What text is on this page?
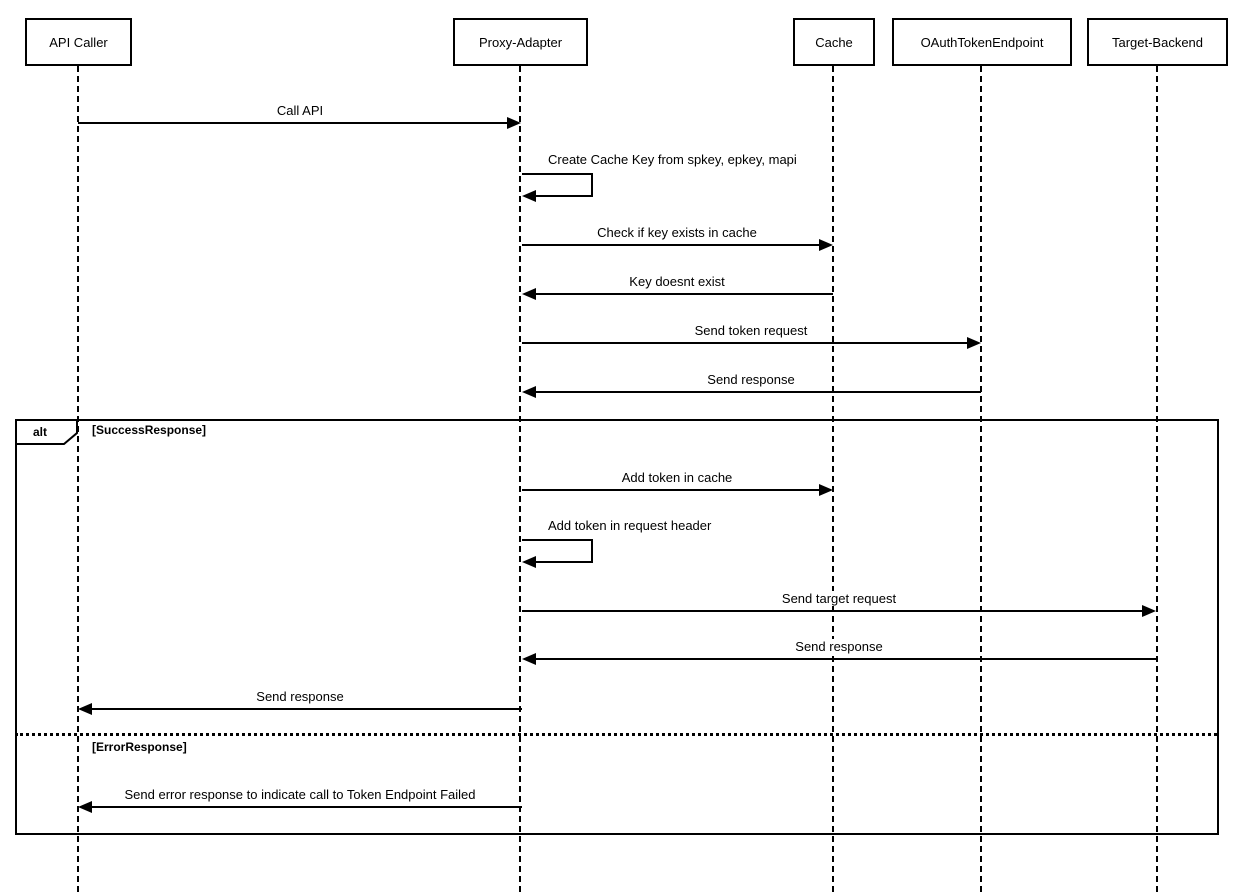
API Caller	Proxy-Adapter	Cache	OAuthTokenEndpoint	Target-Backend
Call API
Create Cache Key from spkey, epkey, mapi
Check if key exists in cache
Key doesnt exist
Send token request
Send response
alt	[SuccessResponse]
Add token in cache
Add token in request header
Send target request
Send response
Send response
[ErrorResponse]
Send error response to indicate call to Token Endpoint Failed
